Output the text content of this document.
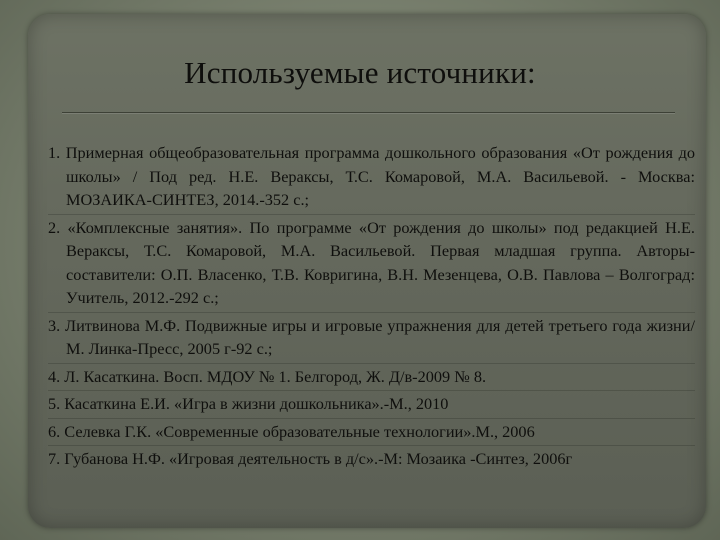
Используемые источники:
1. Примерная общеобразовательная программа дошкольного образования «От рождения до школы» / Под ред. Н.Е. Вераксы, Т.С. Комаровой, М.А. Васильевой. - Москва: МОЗАИКА-СИНТЕЗ, 2014.-352 с.;
2. «Комплексные занятия». По программе «От рождения до школы» под редакцией Н.Е. Вераксы, Т.С. Комаровой, М.А. Васильевой. Первая младшая группа. Авторы-составители: О.П. Власенко, Т.В. Ковригина, В.Н. Мезенцева, О.В. Павлова – Волгоград: Учитель, 2012.-292 с.;
3. Литвинова М.Ф. Подвижные игры и игровые упражнения для детей третьего года жизни/ М. Линка-Пресс, 2005 г-92 с.;
4. Л. Касаткина. Восп. МДОУ № 1. Белгород, Ж. Д/в-2009 № 8.
5. Касаткина Е.И. «Игра в жизни дошкольника».-М., 2010
6. Селевка Г.К. «Современные образовательные технологии».М., 2006
7. Губанова Н.Ф. «Игровая деятельность в д/с».-М: Мозаика -Синтез, 2006г
